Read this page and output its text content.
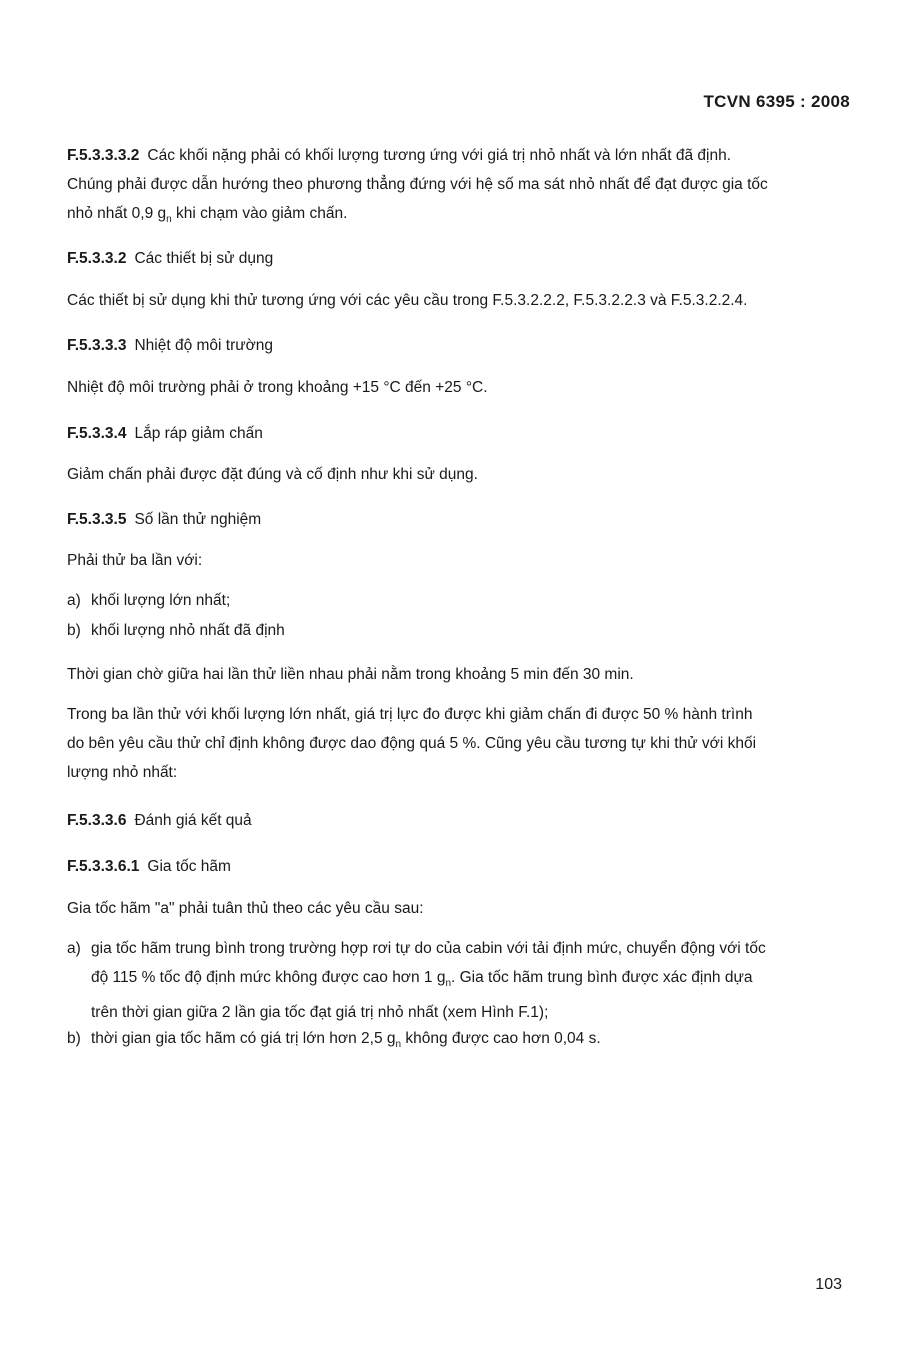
TCVN 6395 : 2008
F.5.3.3.3.2 Các khối nặng phải có khối lượng tương ứng với giá trị nhỏ nhất và lớn nhất đã định.
Chúng phải được dẫn hướng theo phương thẳng đứng với hệ số ma sát nhỏ nhất để đạt được gia tốc
nhỏ nhất 0,9 $g_n$ khi chạm vào giảm chấn.
F.5.3.3.2 Các thiết bị sử dụng
Các thiết bị sử dụng khi thử tương ứng với các yêu cầu trong F.5.3.2.2.2, F.5.3.2.2.3 và F.5.3.2.2.4.
F.5.3.3.3 Nhiệt độ môi trường
Nhiệt độ môi trường phải ở trong khoảng +15 °C đến +25 °C.
F.5.3.3.4 Lắp ráp giảm chấn
Giảm chấn phải được đặt đúng và cố định như khi sử dụng.
F.5.3.3.5 Số lần thử nghiệm
Phải thử ba lần với:
a) khối lượng lớn nhất;
b) khối lượng nhỏ nhất đã định
Thời gian chờ giữa hai lần thử liền nhau phải nằm trong khoảng 5 min đến 30 min.
Trong ba lần thử với khối lượng lớn nhất, giá trị lực đo được khi giảm chấn đi được 50 % hành trình
do bên yêu cầu thử chỉ định không được dao động quá 5 %. Cũng yêu cầu tương tự khi thử với khối
lượng nhỏ nhất:
F.5.3.3.6 Đánh giá kết quả
F.5.3.3.6.1 Gia tốc hãm
Gia tốc hãm "a" phải tuân thủ theo các yêu cầu sau:
a) gia tốc hãm trung bình trong trường hợp rơi tự do của cabin với tải định mức, chuyển động với tốc
độ 115 % tốc độ định mức không được cao hơn 1 $g_n$. Gia tốc hãm trung bình được xác định dựa
trên thời gian giữa 2 lần gia tốc đạt giá trị nhỏ nhất (xem Hình F.1);
b) thời gian gia tốc hãm có giá trị lớn hơn 2,5 $g_n$ không được cao hơn 0,04 s.
103
